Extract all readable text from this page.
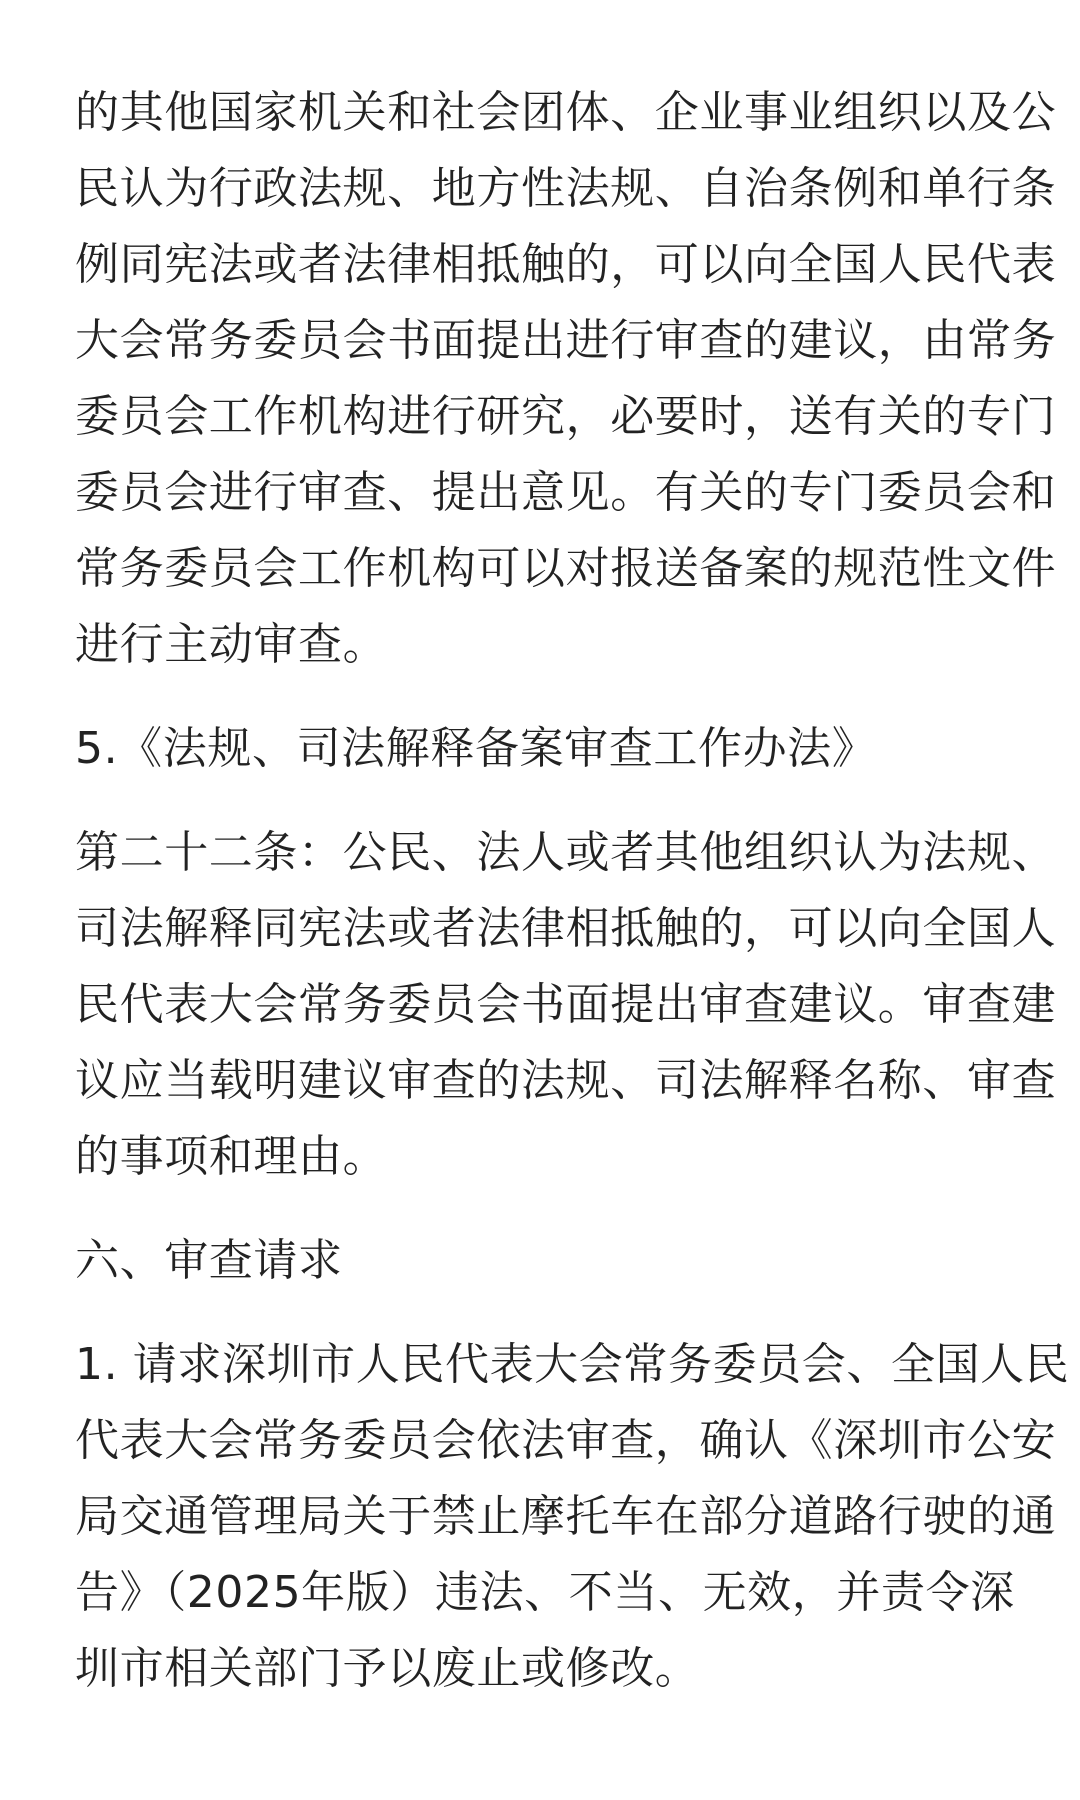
的其他国家机关和社会团体、企业事业组织以及公
民认为行政法规、地方性法规、自治条例和单行条
例同宪法或者法律相抵触的，可以向全国人民代表
大会常务委员会书面提出进行审查的建议，由常务
委员会工作机构进行研究，必要时，送有关的专门
委员会进行审查、提出意见。有关的专门委员会和
常务委员会工作机构可以对报送备案的规范性文件
进行主动审查。
5.《法规、司法解释备案审查工作办法》
第二十二条：公民、法人或者其他组织认为法规、
司法解释同宪法或者法律相抵触的，可以向全国人
民代表大会常务委员会书面提出审查建议。审查建
议应当载明建议审查的法规、司法解释名称、审查
的事项和理由。
六、审查请求
1. 请求深圳市人民代表大会常务委员会、全国人民
代表大会常务委员会依法审查，确认《深圳市公安
局交通管理局关于禁止摩托车在部分道路行驶的通
告》（2025年版）违法、不当、无效，并责令深
圳市相关部门予以废止或修改。
